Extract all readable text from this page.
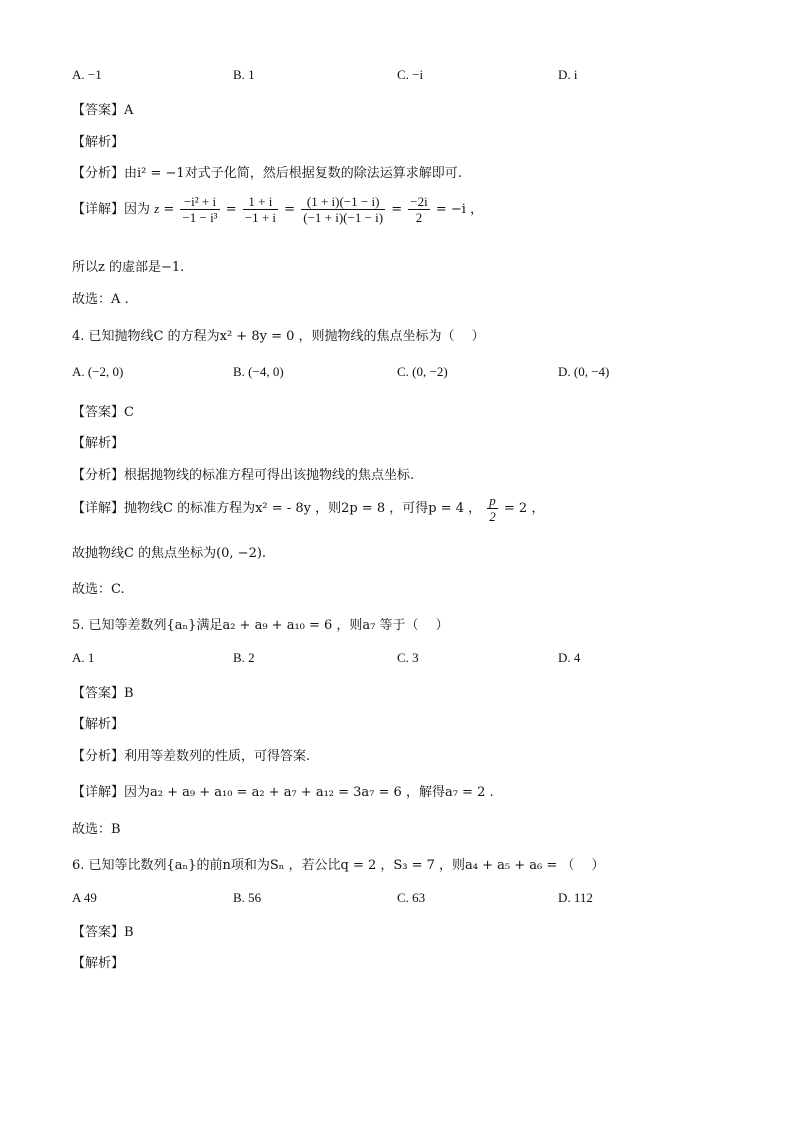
A. −1	B. 1	C. −i	D. i
【答案】A
【解析】
【分析】由i² = −1对式子化简，然后根据复数的除法运算求解即可.
【详解】因为 $z = \frac{\text{−i² + i}}{\text{−1 − i³}} = \frac{1 + i}{-1 + i} = \frac{(1 + i)(-1 - i)}{(-1 + i)(-1 - i)} = \frac{-2i}{2} = -i$ ，
所以z 的虚部是−1.
故选：A .
4. 已知抛物线C 的方程为x² + 8y = 0 ，则抛物线的焦点坐标为（　 ）
A. (−2, 0)	B. (−4, 0)	C. (0, −2)	D. (0, −4)
【答案】C
【解析】
【分析】根据抛物线的标准方程可得出该抛物线的焦点坐标.
【详解】抛物线C 的标准方程为x² = - 8y ，则2p = 8 ，可得p = 4 ， $\frac{p}{2} = 2$ ，
故抛物线C 的焦点坐标为(0, −2).
故选：C.
5. 已知等差数列{aₙ}满足a₂ + a₉ + a₁₀ = 6 ，则a₇ 等于（　 ）
A. 1	B. 2	C. 3	D. 4
【答案】B
【解析】
【分析】利用等差数列的性质，可得答案.
【详解】因为a₂ + a₉ + a₁₀ = a₂ + a₇ + a₁₂ = 3a₇ = 6 ，解得a₇ = 2 .
故选：B
6. 已知等比数列{aₙ}的前n项和为Sₙ ，若公比q = 2 ，S₃ = 7 ，则a₄ + a₅ + a₆ = （　 ）
A 49	B. 56	C. 63	D. 112
【答案】B
【解析】
